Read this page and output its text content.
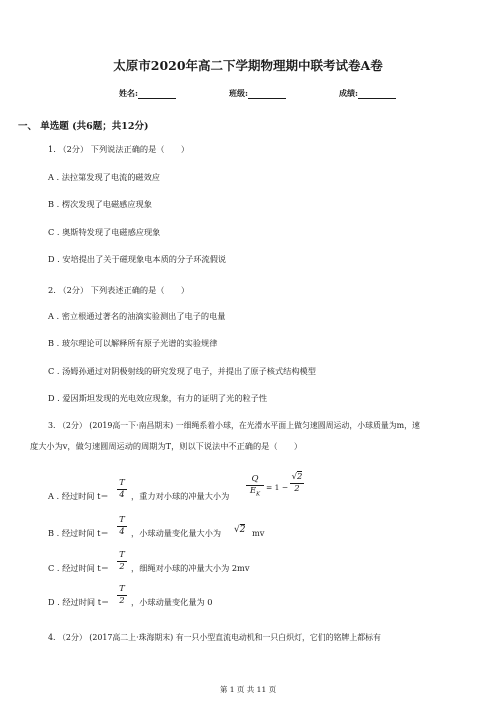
太原市2020年高二下学期物理期中联考试卷A卷
姓名:	班级:	成绩:
一、 单选题 (共6题；共12分)
1. （2分） 下列说法正确的是（　　）
A . 法拉第发现了电流的磁效应
B . 楞次发现了电磁感应现象
C . 奥斯特发现了电磁感应现象
D . 安培提出了关于磁现象电本质的分子环流假说
2. （2分） 下列表述正确的是（　　）
A . 密立根通过著名的油滴实验测出了电子的电量
B . 玻尔理论可以解释所有原子光谱的实验规律
C . 汤姆孙通过对阴极射线的研究发现了电子，并提出了原子核式结构模型
D . 爱因斯坦发现的光电效应现象，有力的证明了光的粒子性
3. （2分） (2019高一下·南昌期末) 一细绳系着小球，在光滑水平面上做匀速圆周运动，小球质量为m，速
度大小为v，做匀速圆周运动的周期为T，则以下说法中不正确的是（　　）
A . 经过时间 t＝
T
4 ，重力对小球的冲量大小为
Q
$E_K$
= 1 −
√2
2
B . 经过时间 t＝
T
4 ，小球动量变化量大小为 √2 mv
C . 经过时间 t＝
T
2 ，细绳对小球的冲量大小为 2mv
D . 经过时间 t＝
T
2 ，小球动量变化量为 0
4. （2分） (2017高二上·珠海期末) 有一只小型直流电动机和一只白炽灯，它们的铭牌上都标有
第 1 页 共 11 页
